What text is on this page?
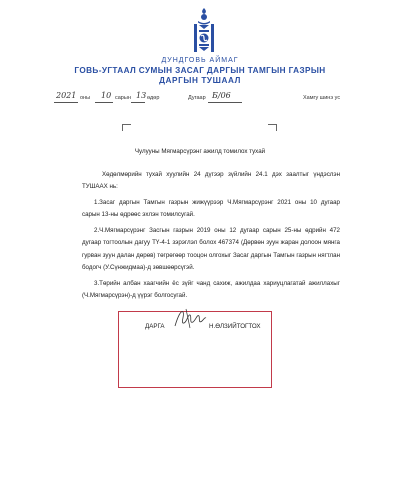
ДУНДГОВЬ АЙМАГ
ГОВЬ-УГТААЛ СУМЫН ЗАСАГ ДАРГЫН ТАМГЫН ГАЗРЫН
ДАРГЫН ТУШААЛ
2021 оны 10 сарын 13 өдөр	Дугаар Б/06	Хамгу шинэ ус
Чулууны Мягмарсүрэнг ажилд томилох тухай
Хөдөлмөрийн тухай хуулийн 24 дүгээр зүйлийн 24.1 дэх заалтыг үндэслэн ТУШААХ нь:
1.Засаг даргын Тамгын газрын жижүүрээр Ч.Мягмарсүрэнг 2021 оны 10 дугаар сарын 13-ны өдрөөс эхлэн томилсугай.
2.Ч.Мягмарсүрэнг Засгын газрын 2019 оны 12 дугаар сарын 25-ны өдрийн 472 дугаар тогтоолын дагуу ТҮ-4-1 зэрэглэл болох 467374 (Дөрвөн зуун жаран долоон мянга гурван зуун далан дөрөв) төгрөгөөр тооцон олгохыг Засаг даргын Тамгын газрын нягтлан бодогч (У.Сүнжидмаа)-д зөвшөөрсүгэй.
3.Төрийн албан хаагчийн ёс зүйг чанд сахиж, ажилдаа хариуцлагатай ажиллахыг (Ч.Мягмарсүрэн)-д үүрэг болгосугай.
ДАРГА	Н.ӨЛЗИЙТОГТОХ
